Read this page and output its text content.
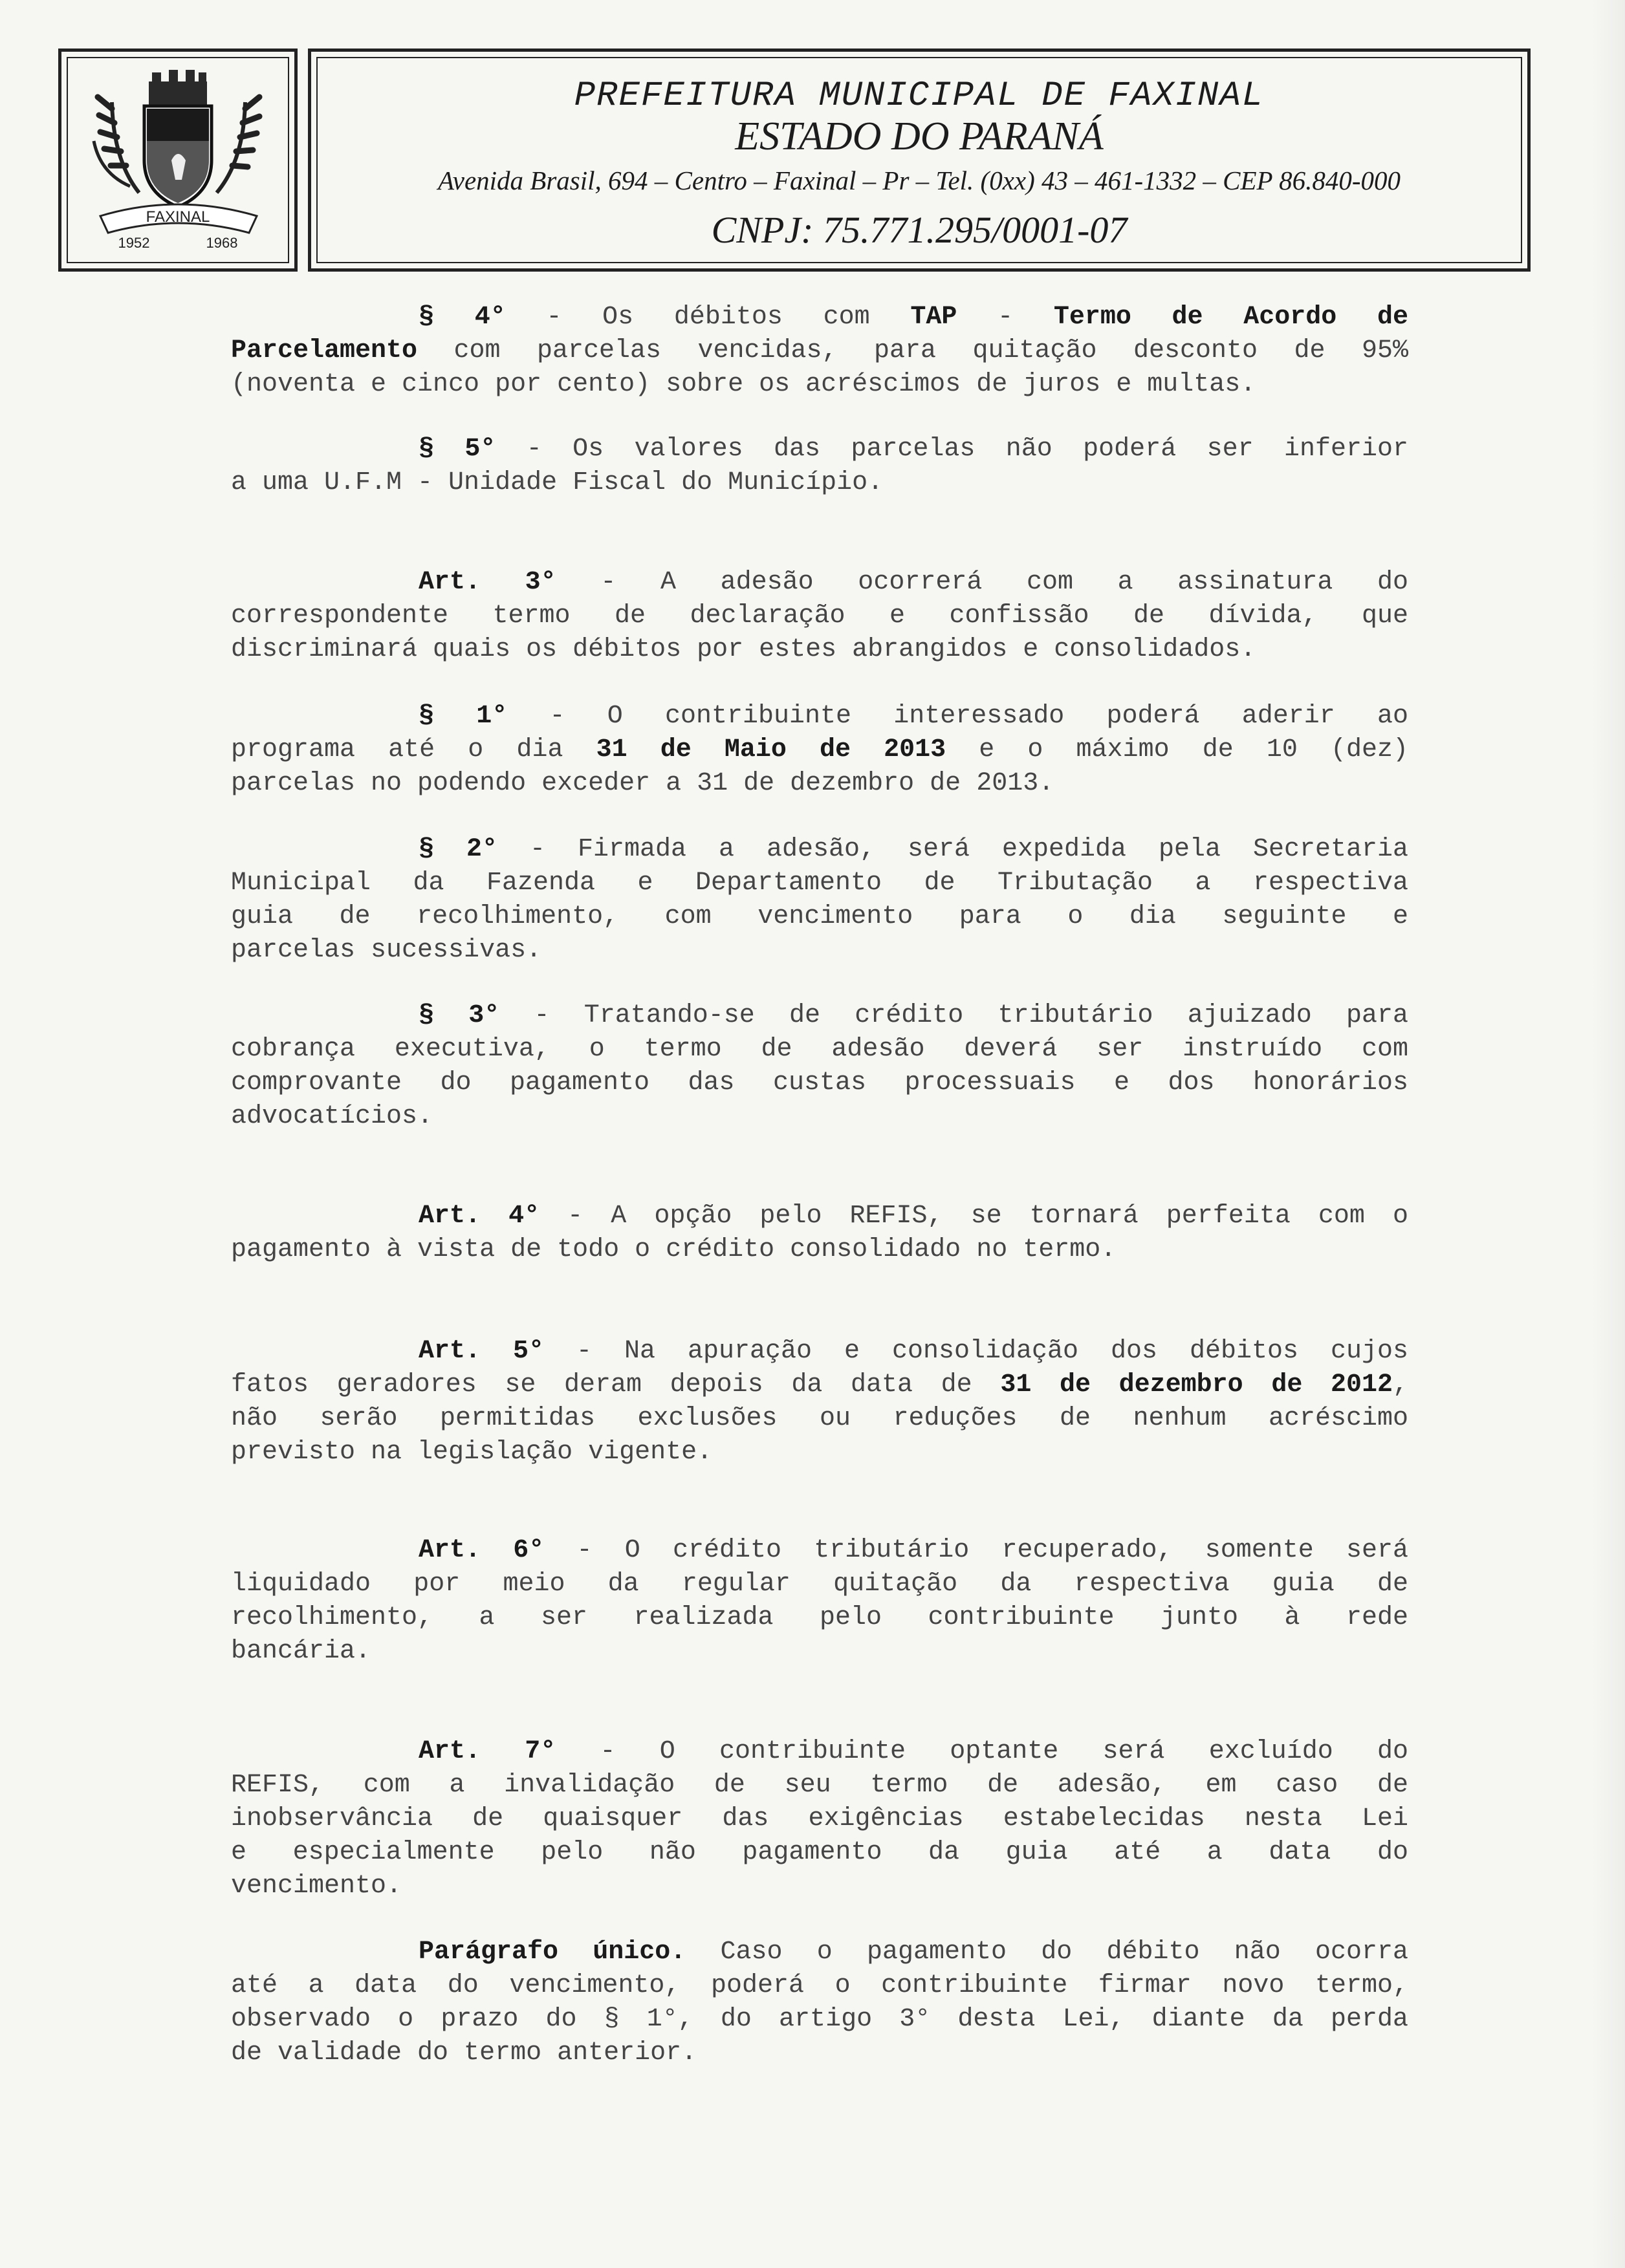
FAXINAL
1952	1968
PREFEITURA MUNICIPAL DE FAXINAL
ESTADO DO PARANÁ
Avenida Brasil, 694 – Centro – Faxinal – Pr – Tel. (0xx) 43 – 461-1332 – CEP 86.840-000
CNPJ: 75.771.295/0001-07
§ 4° - Os débitos com TAP - Termo de Acordo de
Parcelamento com parcelas vencidas, para quitação desconto de 95%
(noventa e cinco por cento) sobre os acréscimos de juros e multas.
§ 5° - Os valores das parcelas não poderá ser inferior
a uma U.F.M - Unidade Fiscal do Município.
Art. 3° - A adesão ocorrerá com a assinatura do
correspondente termo de declaração e confissão de dívida, que
discriminará quais os débitos por estes abrangidos e consolidados.
§ 1° - O contribuinte interessado poderá aderir ao
programa até o dia 31 de Maio de 2013 e o máximo de 10 (dez)
parcelas no podendo exceder a 31 de dezembro de 2013.
§ 2° - Firmada a adesão, será expedida pela Secretaria
Municipal da Fazenda e Departamento de Tributação a respectiva
guia de recolhimento, com vencimento para o dia seguinte e
parcelas sucessivas.
§ 3° - Tratando-se de crédito tributário ajuizado para
cobrança executiva, o termo de adesão deverá ser instruído com
comprovante do pagamento das custas processuais e dos honorários
advocatícios.
Art. 4° - A opção pelo REFIS, se tornará perfeita com o
pagamento à vista de todo o crédito consolidado no termo.
Art. 5° - Na apuração e consolidação dos débitos cujos
fatos geradores se deram depois da data de 31 de dezembro de 2012,
não serão permitidas exclusões ou reduções de nenhum acréscimo
previsto na legislação vigente.
Art. 6° - O crédito tributário recuperado, somente será
liquidado por meio da regular quitação da respectiva guia de
recolhimento, a ser realizada pelo contribuinte junto à rede
bancária.
Art. 7° - O contribuinte optante será excluído do
REFIS, com a invalidação de seu termo de adesão, em caso de
inobservância de quaisquer das exigências estabelecidas nesta Lei
e especialmente pelo não pagamento da guia até a data do
vencimento.
Parágrafo único. Caso o pagamento do débito não ocorra
até a data do vencimento, poderá o contribuinte firmar novo termo,
observado o prazo do § 1°, do artigo 3° desta Lei, diante da perda
de validade do termo anterior.
